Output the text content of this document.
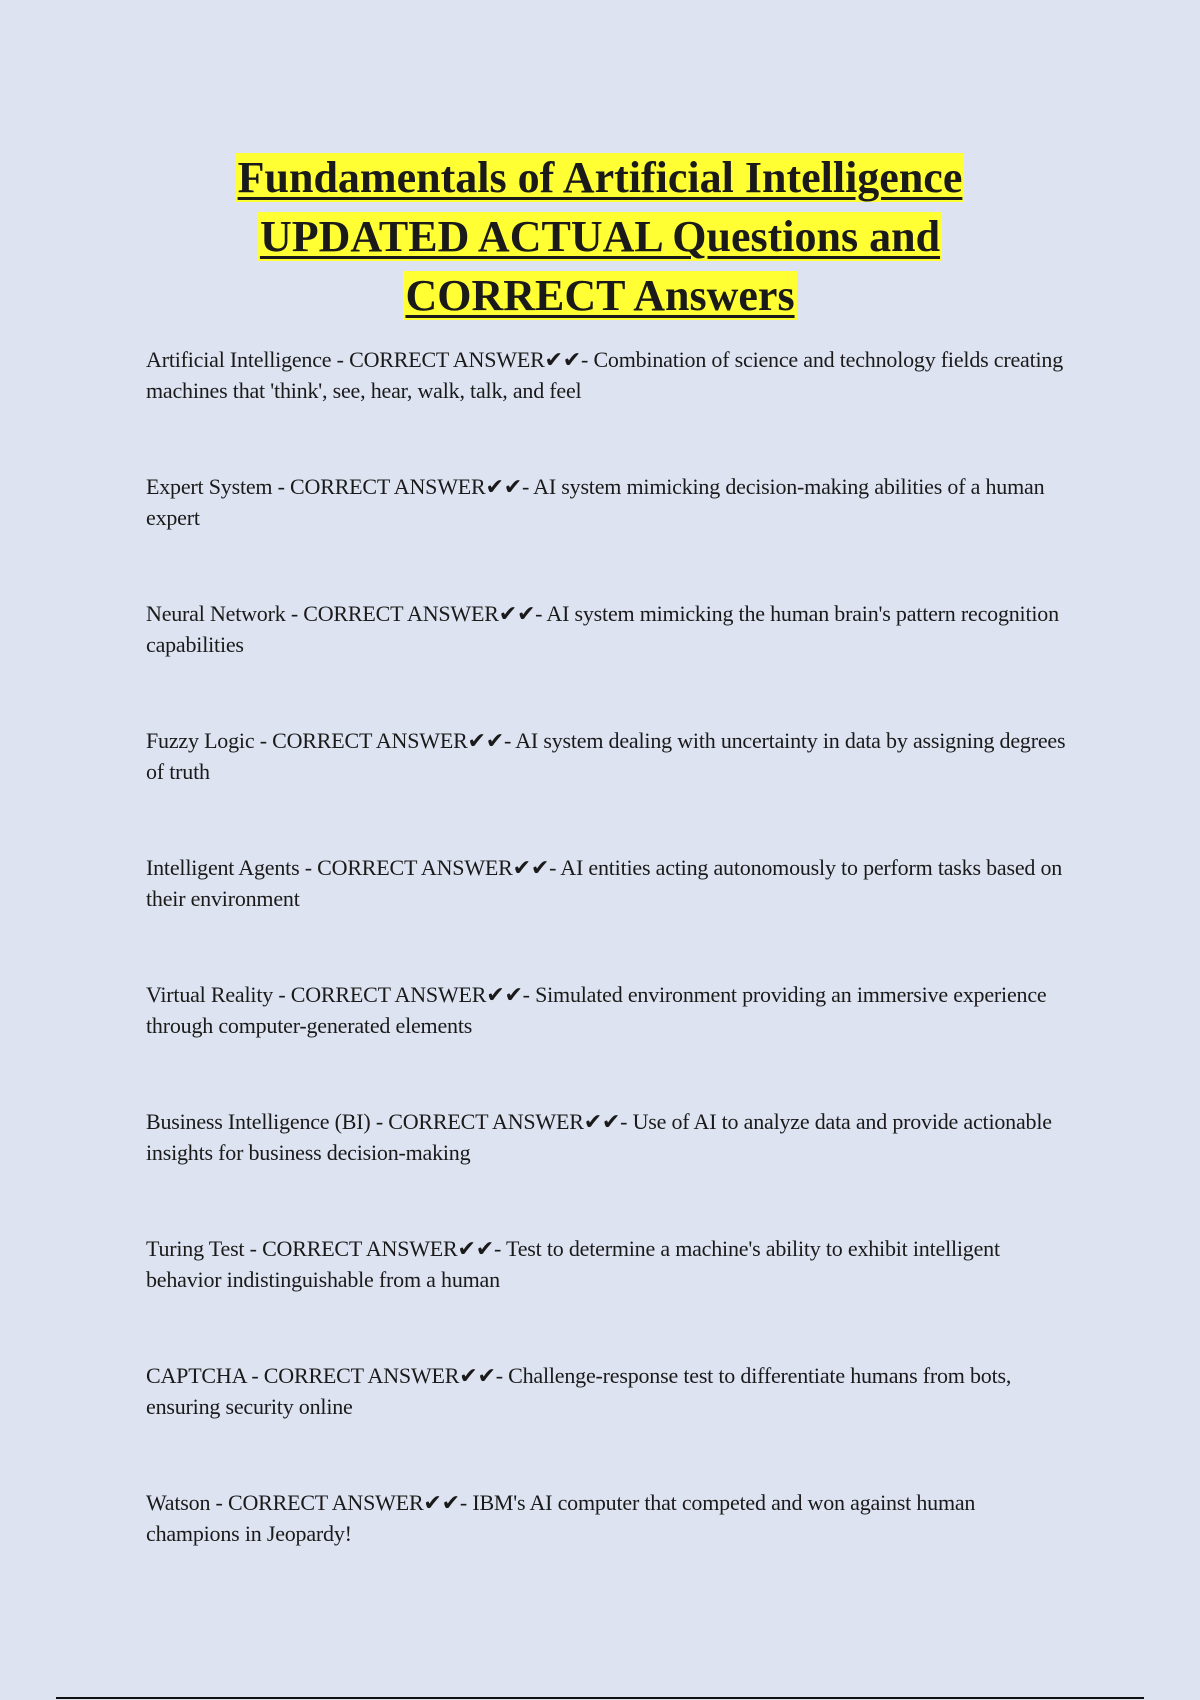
Fundamentals of Artificial Intelligence
UPDATED ACTUAL Questions and
CORRECT Answers
Artificial Intelligence - CORRECT ANSWER✔✔- Combination of science and technology fields creating machines that 'think', see, hear, walk, talk, and feel
Expert System - CORRECT ANSWER✔✔- AI system mimicking decision-making abilities of a human expert
Neural Network - CORRECT ANSWER✔✔- AI system mimicking the human brain's pattern recognition capabilities
Fuzzy Logic - CORRECT ANSWER✔✔- AI system dealing with uncertainty in data by assigning degrees of truth
Intelligent Agents - CORRECT ANSWER✔✔- AI entities acting autonomously to perform tasks based on their environment
Virtual Reality - CORRECT ANSWER✔✔- Simulated environment providing an immersive experience through computer-generated elements
Business Intelligence (BI) - CORRECT ANSWER✔✔- Use of AI to analyze data and provide actionable insights for business decision-making
Turing Test - CORRECT ANSWER✔✔- Test to determine a machine's ability to exhibit intelligent behavior indistinguishable from a human
CAPTCHA - CORRECT ANSWER✔✔- Challenge-response test to differentiate humans from bots, ensuring security online
Watson - CORRECT ANSWER✔✔- IBM's AI computer that competed and won against human champions in Jeopardy!
